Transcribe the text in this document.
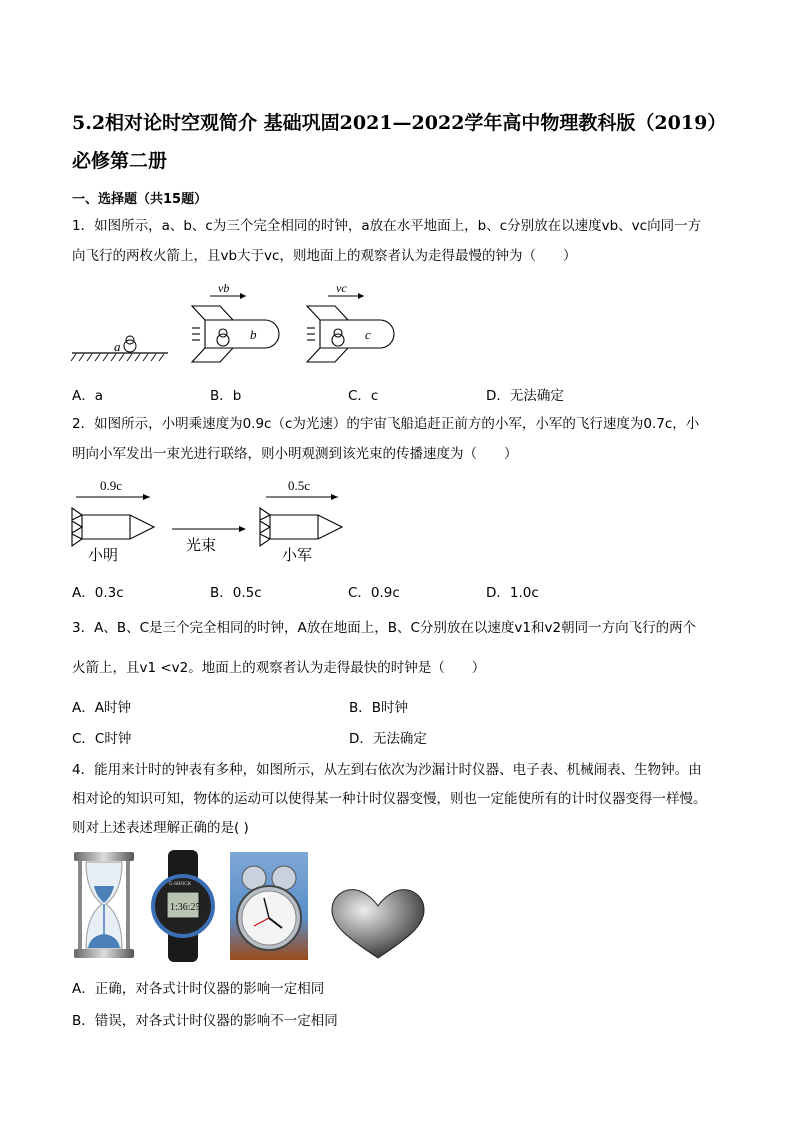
5.2相对论时空观简介 基础巩固2021—2022学年高中物理教科版（2019）
必修第二册
一、选择题（共15题）
1．如图所示，a、b、c为三个完全相同的时钟，a放在水平地面上，b、c分别放在以速度vb、vc向同一方
向飞行的两枚火箭上，且vb大于vc，则地面上的观察者认为走得最慢的钟为（　　）
a
b
vb
c
vc
A．a	B．b	C．c	D．无法确定
2．如图所示，小明乘速度为0.9c（c为光速）的宇宙飞船追赶正前方的小军，小军的飞行速度为0.7c，小
明向小军发出一束光进行联络，则小明观测到该光束的传播速度为（　　）
0.9c
小明
光束
0.5c
小军
A．0.3c	B．0.5c	C．0.9c	D．1.0c
3．A、B、C是三个完全相同的时钟，A放在地面上，B、C分别放在以速度v1和v2朝同一方向飞行的两个
火箭上，且v1 <v2。地面上的观察者认为走得最快的时钟是（　　）
A．A时钟	B．B时钟
C．C时钟	D．无法确定
4．能用来计时的钟表有多种，如图所示，从左到右依次为沙漏计时仪器、电子表、机械闹表、生物钟。由
相对论的知识可知，物体的运动可以使得某一种计时仪器变慢，则也一定能使所有的计时仪器变得一样慢。
则对上述表述理解正确的是( )
1:36:25
G-SHOCK
A．正确，对各式计时仪器的影响一定相同
B．错误，对各式计时仪器的影响不一定相同
